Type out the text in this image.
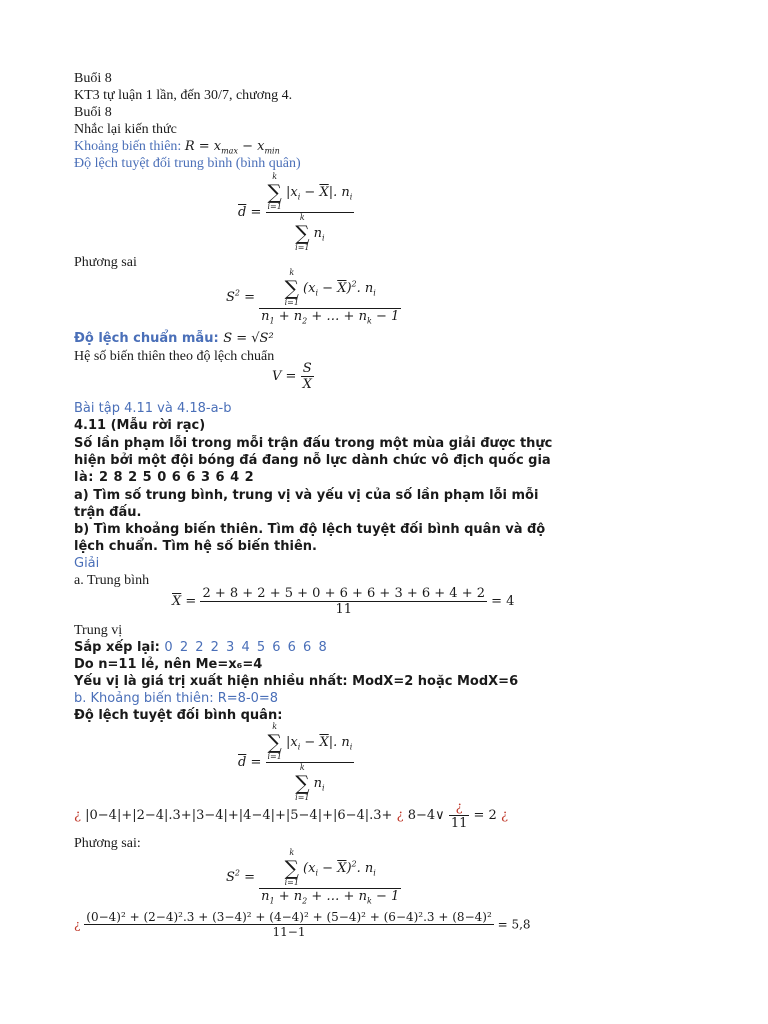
Buổi 8
KT3 tự luận 1 lần, đến 30/7, chương 4.
Buổi 8
Nhắc lại kiến thức
Khoảng biến thiên: $R = x_{max} - x_{min}$
Độ lệch tuyệt đối trung bình (bình quân)
$\overline{d} = k$
∑
i=1
$|x_i - \overline{X}|$. $n_i$
k
∑
i=1
$n_i$
Phương sai
$S^2 = k$
∑
i=1
$(x_i - \overline{X})^2$. $n_i$
$n_1 + n_2$ + … + $n_k - 1$
Độ lệch chuẩn mẫu: S = √S²
Hệ số biến thiên theo độ lệch chuẩn
$V = \frac{S}{X}$
Bài tập 4.11 và 4.18-a-b
4.11 (Mẫu rời rạc)
Số lần phạm lỗi trong mỗi trận đấu trong một mùa giải được thực
hiện bởi một đội bóng đá đang nỗ lực dành chức vô địch quốc gia
là: 2 8 2 5 0 6 6 3 6 4 2
a) Tìm số trung bình, trung vị và yếu vị của số lần phạm lỗi mỗi
trận đấu.
b) Tìm khoảng biến thiên. Tìm độ lệch tuyệt đối bình quân và độ
lệch chuẩn. Tìm hệ số biến thiên.
Giải
a. Trung bình
$\overline{X} = \frac{2 + 8 + 2 + 5 + 0 + 6 + 6 + 3 + 6 + 4 + 2}{11} = 4$
Trung vị
Sắp xếp lại: 0 2 2 2 3 4 5 6 6 6 8
Do n=11 lẻ, nên Me=x₆=4
Yếu vị là giá trị xuất hiện nhiều nhất: ModX=2 hoặc ModX=6
b. Khoảng biến thiên: R=8-0=8
Độ lệch tuyệt đối bình quân:
$\overline{d} = k$
∑
i=1
$|x_i - \overline{X}|$. $n_i$
k
∑
i=1
$n_i$
¿ |0−4|+|2−4|.3+|3−4|+|4−4|+|5−4|+|6−4|.3+ ¿ 8−4∨ $\frac{¿}{11} = 2$ ¿
Phương sai:
$S^2 = k$
∑
i=1
$(x_i - \overline{X})^2$. $n_i$
$n_1 + n_2$ + … + $n_k - 1$
¿
(0−4)² + (2−4)².3 + (3−4)² + (4−4)² + (5−4)² + (6−4)².3 + (8−4)²
11−1
= 5,8
